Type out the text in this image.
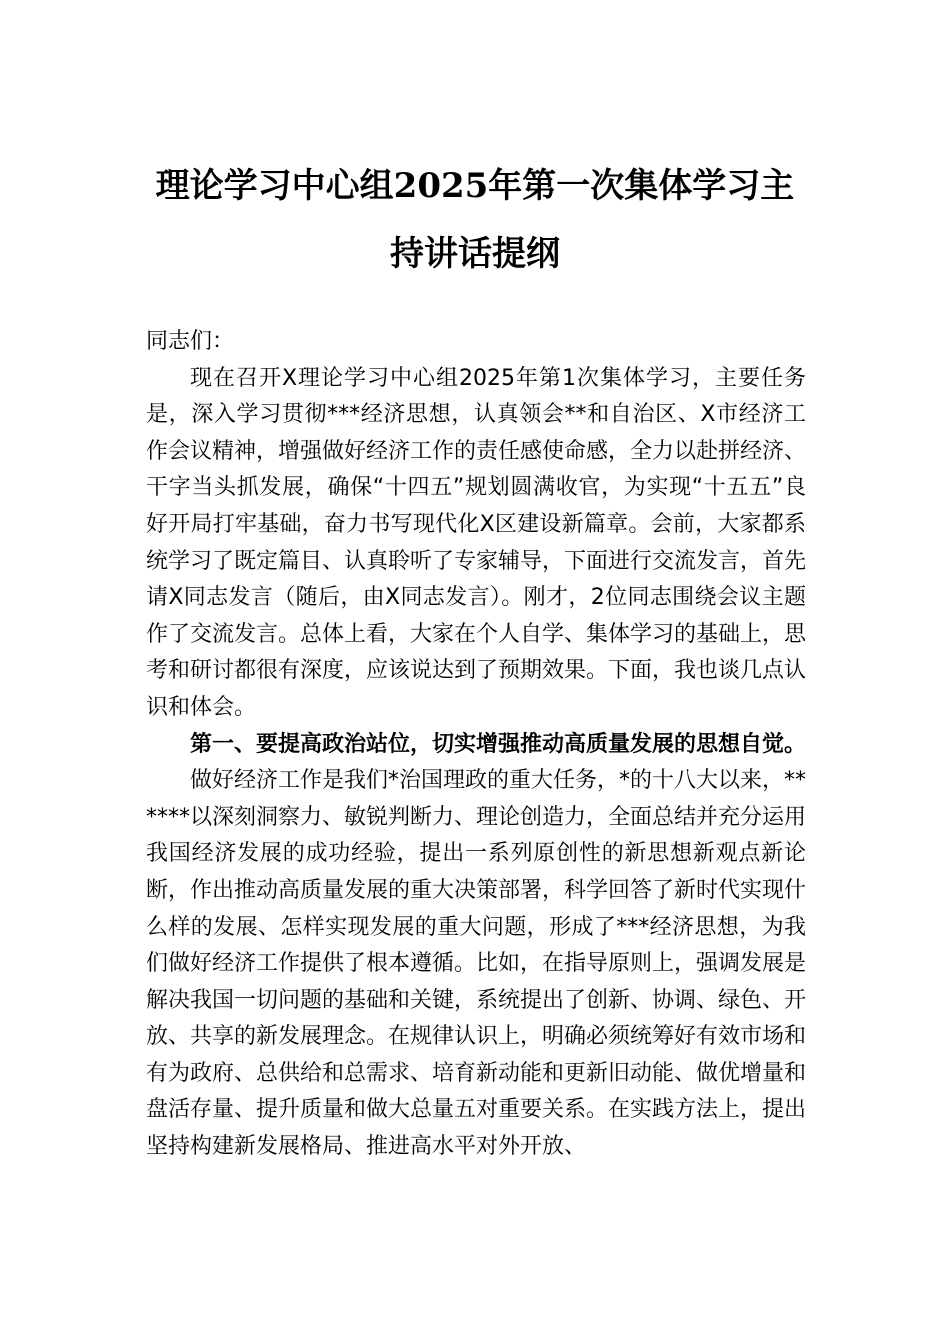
理论学习中心组2025年第一次集体学习主
持讲话提纲

同志们：

现在召开X理论学习中心组2025年第1次集体学习，主要任务是，深入学习贯彻***经济思想，认真领会**和自治区、X市经济工作会议精神，增强做好经济工作的责任感使命感，全力以赴拼经济、干字当头抓发展，确保“十四五”规划圆满收官，为实现“十五五”良好开局打牢基础，奋力书写现代化X区建设新篇章。会前，大家都系统学习了既定篇目、认真聆听了专家辅导，下面进行交流发言，首先请X同志发言（随后，由X同志发言）。刚才，2位同志围绕会议主题作了交流发言。总体上看，大家在个人自学、集体学习的基础上，思考和研讨都很有深度，应该说达到了预期效果。下面，我也谈几点认识和体会。

第一、要提高政治站位，切实增强推动高质量发展的思想自觉。

做好经济工作是我们*治国理政的重大任务，*的十八大以来，******以深刻洞察力、敏锐判断力、理论创造力，全面总结并充分运用我国经济发展的成功经验，提出一系列原创性的新思想新观点新论断，作出推动高质量发展的重大决策部署，科学回答了新时代实现什么样的发展、怎样实现发展的重大问题，形成了***经济思想，为我们做好经济工作提供了根本遵循。比如，在指导原则上，强调发展是解决我国一切问题的基础和关键，系统提出了创新、协调、绿色、开放、共享的新发展理念。在规律认识上，明确必须统筹好有效市场和有为政府、总供给和总需求、培育新动能和更新旧动能、做优增量和盘活存量、提升质量和做大总量五对重要关系。在实践方法上，提出坚持构建新发展格局、推进高水平对外开放、
